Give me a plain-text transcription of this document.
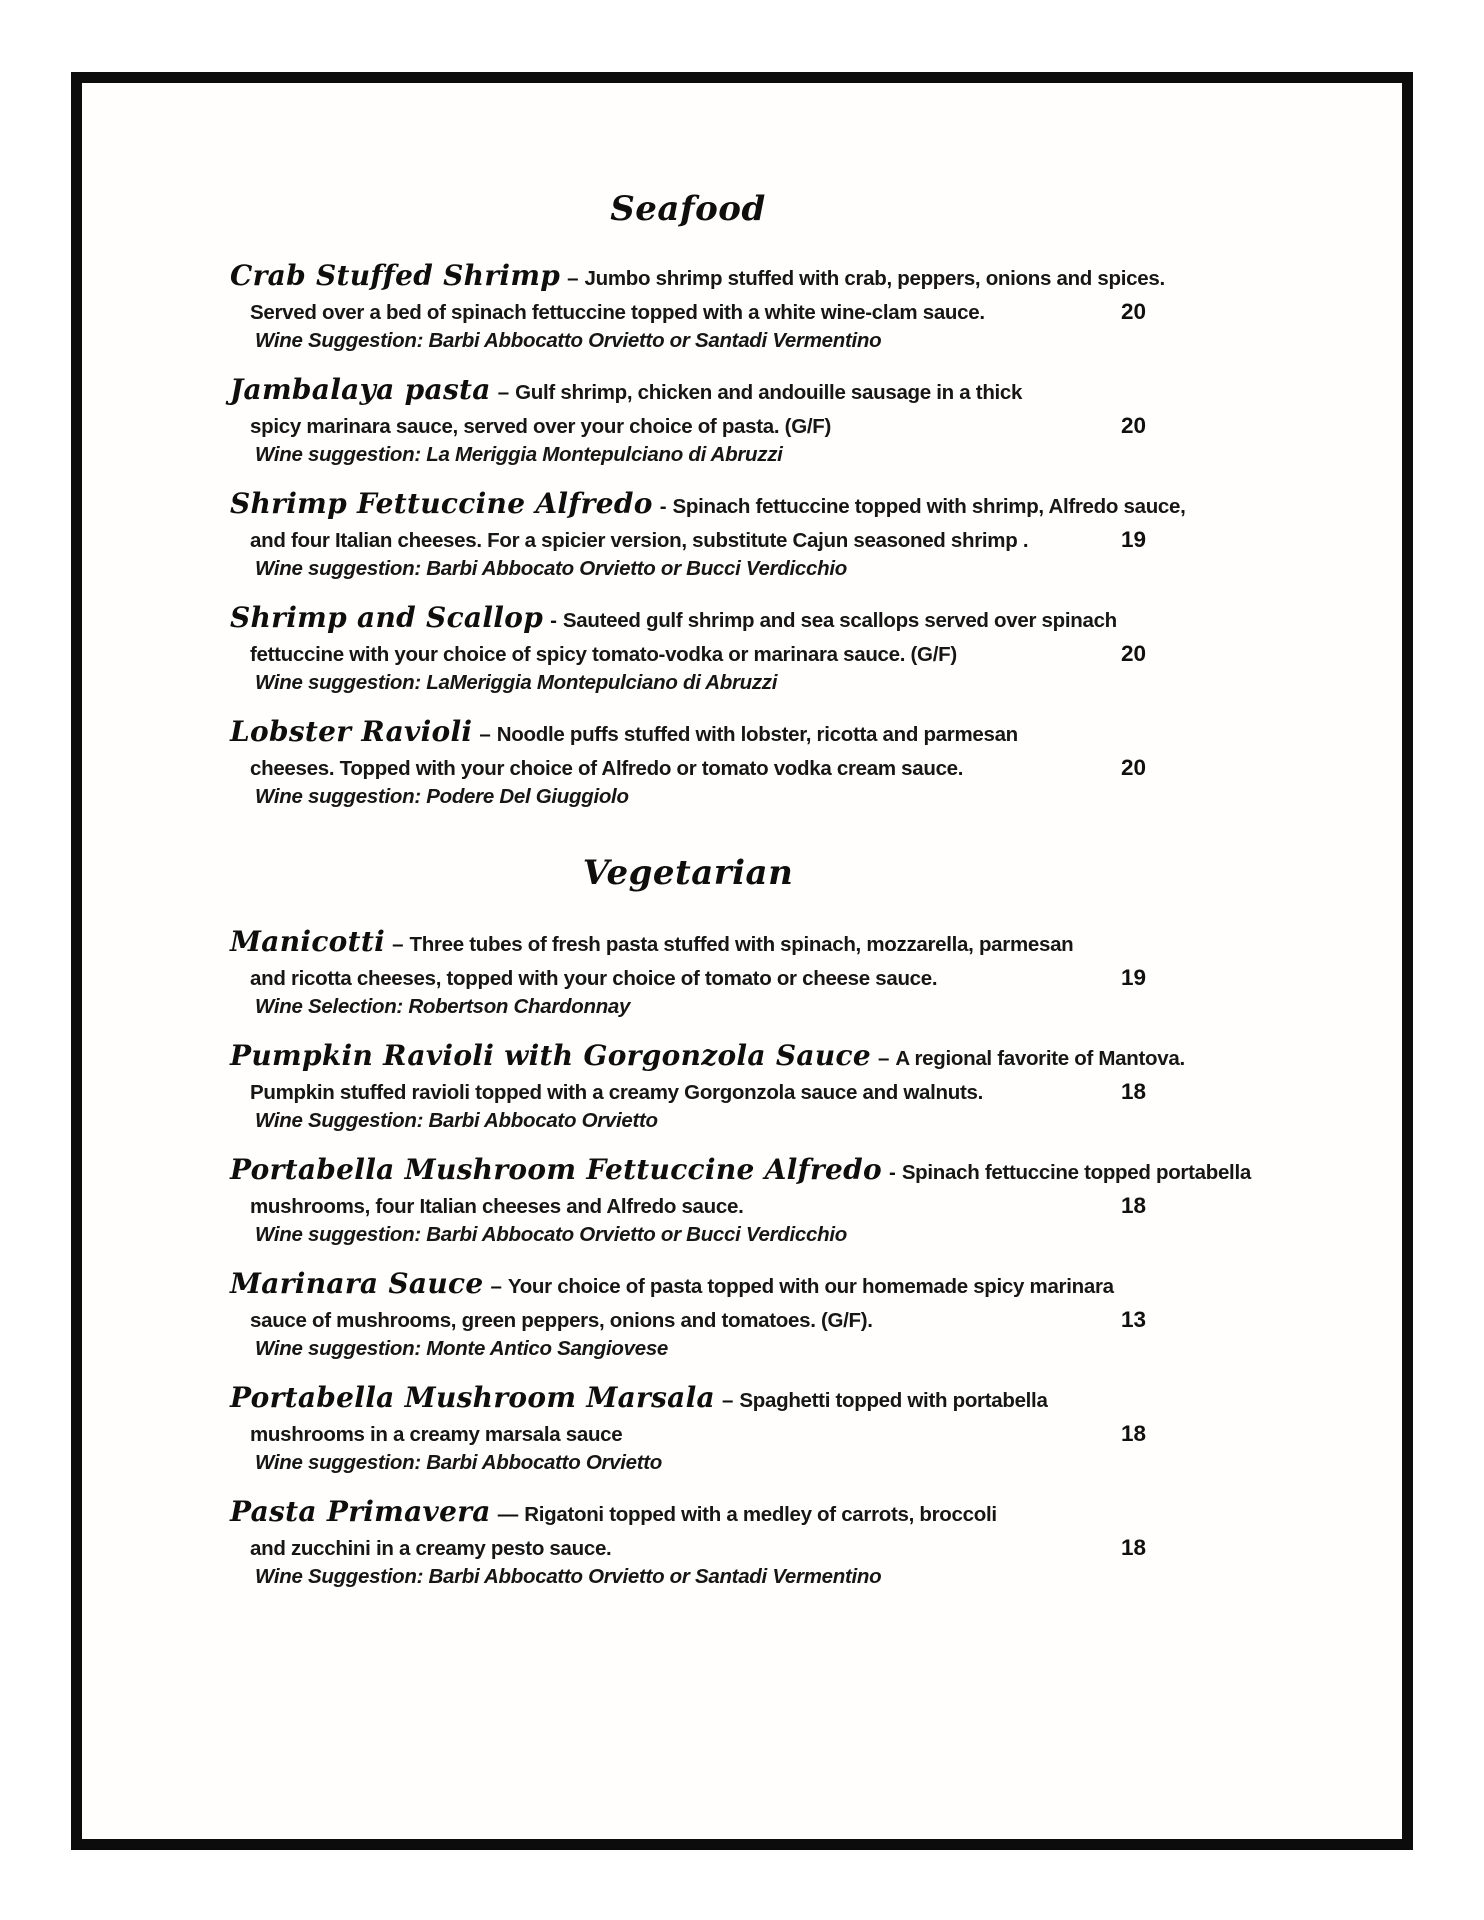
Seafood
Crab Stuffed Shrimp – Jumbo shrimp stuffed with crab, peppers, onions and spices.
Served over a bed of spinach fettuccine topped with a white wine-clam sauce.	20
Wine Suggestion: Barbi Abbocatto Orvietto or Santadi Vermentino
Jambalaya pasta – Gulf shrimp, chicken and andouille sausage in a thick
spicy marinara sauce, served over your choice of pasta. (G/F)	20
Wine suggestion: La Meriggia Montepulciano di Abruzzi
Shrimp Fettuccine Alfredo - Spinach fettuccine topped with shrimp, Alfredo sauce,
and four Italian cheeses. For a spicier version, substitute Cajun seasoned shrimp .	19
Wine suggestion: Barbi Abbocato Orvietto or Bucci Verdicchio
Shrimp and Scallop - Sauteed gulf shrimp and sea scallops served over spinach
fettuccine with your choice of spicy tomato-vodka or marinara sauce. (G/F)	20
Wine suggestion: LaMeriggia Montepulciano di Abruzzi
Lobster Ravioli – Noodle puffs stuffed with lobster, ricotta and parmesan
cheeses. Topped with your choice of Alfredo or tomato vodka cream sauce.	20
Wine suggestion: Podere Del Giuggiolo
Vegetarian
Manicotti – Three tubes of fresh pasta stuffed with spinach, mozzarella, parmesan
and ricotta cheeses, topped with your choice of tomato or cheese sauce.	19
Wine Selection: Robertson Chardonnay
Pumpkin Ravioli with Gorgonzola Sauce – A regional favorite of Mantova.
Pumpkin stuffed ravioli topped with a creamy Gorgonzola sauce and walnuts.	18
Wine Suggestion: Barbi Abbocato Orvietto
Portabella Mushroom Fettuccine Alfredo - Spinach fettuccine topped portabella
mushrooms, four Italian cheeses and Alfredo sauce.	18
Wine suggestion: Barbi Abbocato Orvietto or Bucci Verdicchio
Marinara Sauce – Your choice of pasta topped with our homemade spicy marinara
sauce of mushrooms, green peppers, onions and tomatoes. (G/F).	13
Wine suggestion: Monte Antico Sangiovese
Portabella Mushroom Marsala – Spaghetti topped with portabella
mushrooms in a creamy marsala sauce	18
Wine suggestion: Barbi Abbocatto Orvietto
Pasta Primavera — Rigatoni topped with a medley of carrots, broccoli
and zucchini in a creamy pesto sauce.	18
Wine Suggestion: Barbi Abbocatto Orvietto or Santadi Vermentino
